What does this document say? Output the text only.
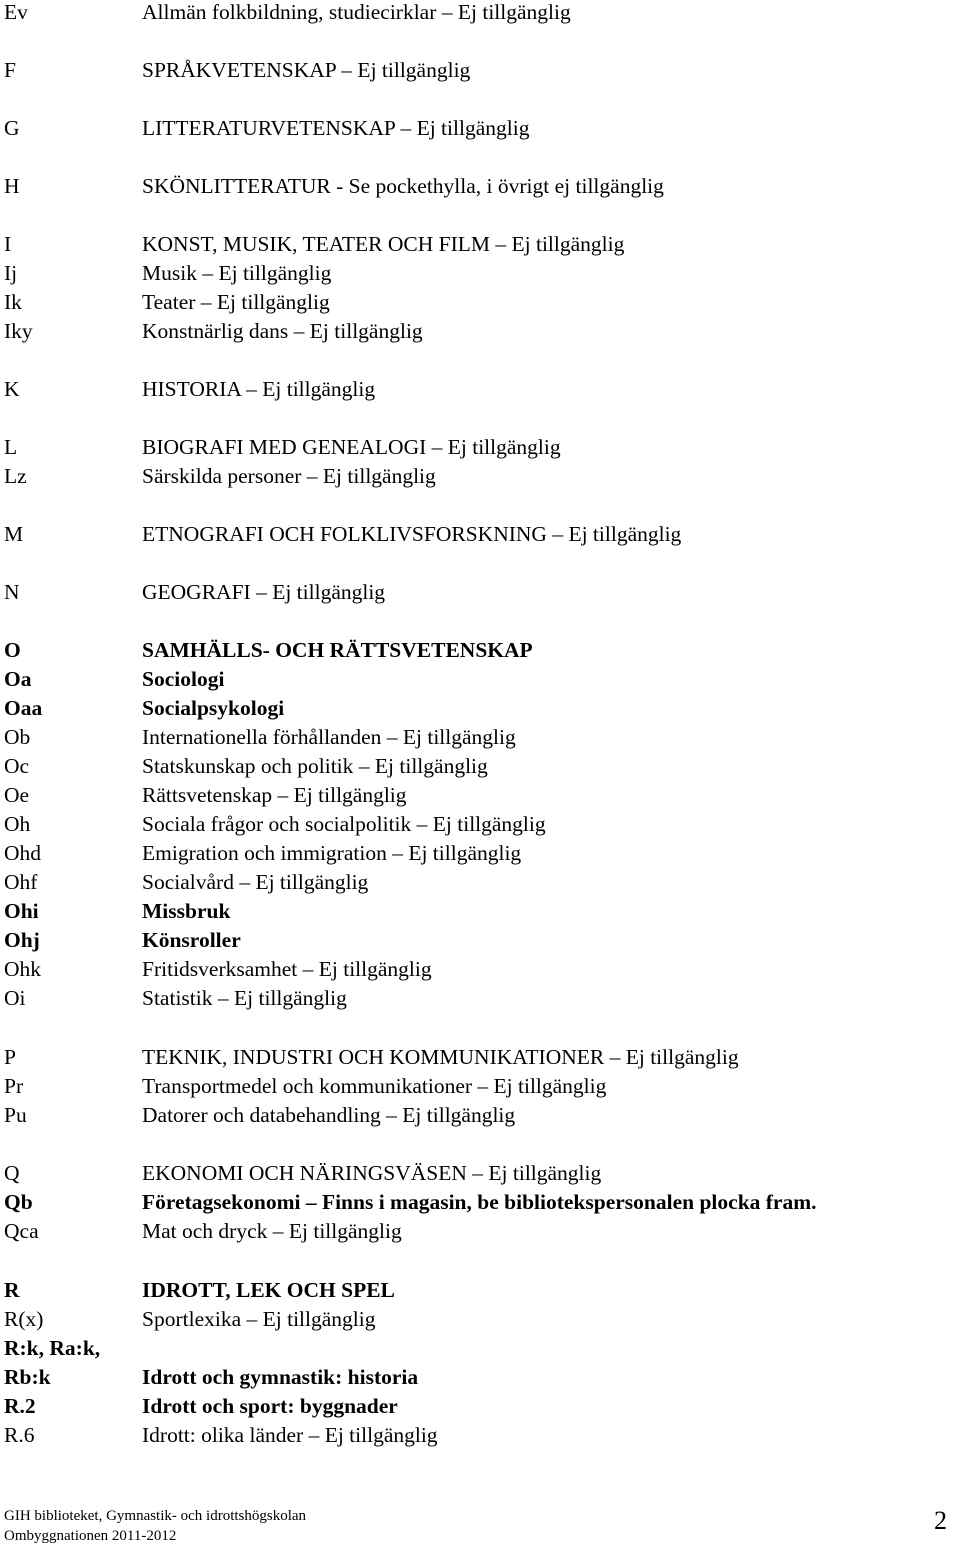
Ev	Allmän folkbildning, studiecirklar – Ej tillgänglig
F	SPRÅKVETENSKAP – Ej tillgänglig
G	LITTERATURVETENSKAP – Ej tillgänglig
H	SKÖNLITTERATUR - Se pockethylla, i övrigt ej tillgänglig
I	KONST, MUSIK, TEATER OCH FILM – Ej tillgänglig
Ij	Musik – Ej tillgänglig
Ik	Teater – Ej tillgänglig
Iky	Konstnärlig dans – Ej tillgänglig
K	HISTORIA – Ej tillgänglig
L	BIOGRAFI MED GENEALOGI – Ej tillgänglig
Lz	Särskilda personer – Ej tillgänglig
M	ETNOGRAFI OCH FOLKLIVSFORSKNING – Ej tillgänglig
N	GEOGRAFI – Ej tillgänglig
O	SAMHÄLLS- OCH RÄTTSVETENSKAP
Oa	Sociologi
Oaa	Socialpsykologi
Ob	Internationella förhållanden – Ej tillgänglig
Oc	Statskunskap och politik – Ej tillgänglig
Oe	Rättsvetenskap – Ej tillgänglig
Oh	Sociala frågor och socialpolitik – Ej tillgänglig
Ohd	Emigration och immigration – Ej tillgänglig
Ohf	Socialvård – Ej tillgänglig
Ohi	Missbruk
Ohj	Könsroller
Ohk	Fritidsverksamhet – Ej tillgänglig
Oi	Statistik – Ej tillgänglig
P	TEKNIK, INDUSTRI OCH KOMMUNIKATIONER – Ej tillgänglig
Pr	Transportmedel och kommunikationer – Ej tillgänglig
Pu	Datorer och databehandling – Ej tillgänglig
Q	EKONOMI OCH NÄRINGSVÄSEN – Ej tillgänglig
Qb	Företagsekonomi – Finns i magasin, be bibliotekspersonalen plocka fram.
Qca	Mat och dryck – Ej tillgänglig
R	IDROTT, LEK OCH SPEL
R(x)	Sportlexika – Ej tillgänglig
R:k, Ra:k,
Rb:k	Idrott och gymnastik: historia
R.2	Idrott och sport: byggnader
R.6	Idrott: olika länder – Ej tillgänglig
GIH biblioteket, Gymnastik- och idrottshögskolan
Ombyggnationen 2011-2012
2
